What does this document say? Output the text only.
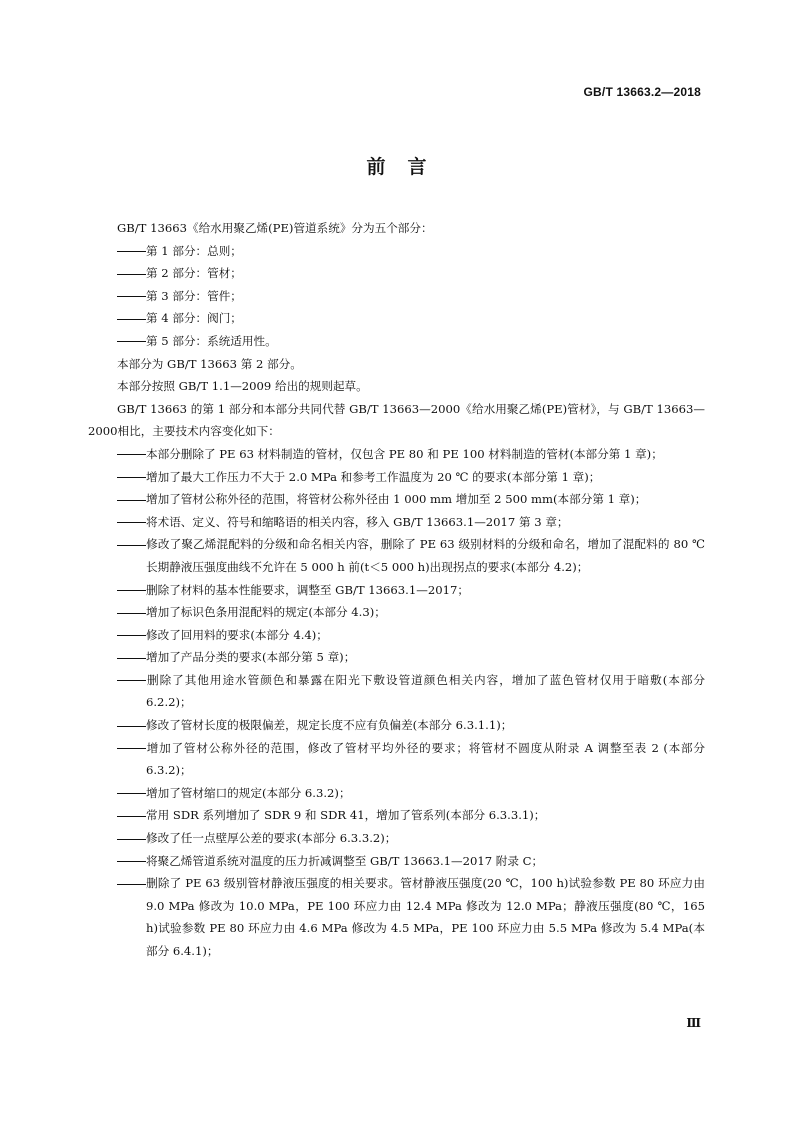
GB/T 13663.2—2018
前言

GB/T 13663《给水用聚乙烯(PE)管道系统》分为五个部分：

第 1 部分：总则；

第 2 部分：管材；

第 3 部分：管件；

第 4 部分：阀门；

第 5 部分：系统适用性。

本部分为 GB/T 13663 第 2 部分。

本部分按照 GB/T 1.1—2009 给出的规则起草。

GB/T 13663 的第 1 部分和本部分共同代替 GB/T 13663—2000《给水用聚乙烯(PE)管材》，与 GB/T 13663—2000相比，主要技术内容变化如下：

本部分删除了 PE 63 材料制造的管材，仅包含 PE 80 和 PE 100 材料制造的管材(本部分第 1 章)；

增加了最大工作压力不大于 2.0 MPa 和参考工作温度为 20 ℃ 的要求(本部分第 1 章)；

增加了管材公称外径的范围，将管材公称外径由 1 000 mm 增加至 2 500 mm(本部分第 1 章)；

将术语、定义、符号和缩略语的相关内容，移入 GB/T 13663.1—2017 第 3 章；

修改了聚乙烯混配料的分级和命名相关内容，删除了 PE 63 级别材料的分级和命名，增加了混配料的 80 ℃长期静液压强度曲线不允许在 5 000 h 前(t＜5 000 h)出现拐点的要求(本部分 4.2)；

删除了材料的基本性能要求，调整至 GB/T 13663.1—2017；

增加了标识色条用混配料的规定(本部分 4.3)；

修改了回用料的要求(本部分 4.4)；

增加了产品分类的要求(本部分第 5 章)；

删除了其他用途水管颜色和暴露在阳光下敷设管道颜色相关内容，增加了蓝色管材仅用于暗敷(本部分 6.2.2)；

修改了管材长度的极限偏差，规定长度不应有负偏差(本部分 6.3.1.1)；

增加了管材公称外径的范围，修改了管材平均外径的要求；将管材不圆度从附录 A 调整至表 2 (本部分 6.3.2)；

增加了管材缩口的规定(本部分 6.3.2)；

常用 SDR 系列增加了 SDR 9 和 SDR 41，增加了管系列(本部分 6.3.3.1)；

修改了任一点壁厚公差的要求(本部分 6.3.3.2)；

将聚乙烯管道系统对温度的压力折减调整至 GB/T 13663.1—2017 附录 C；

删除了 PE 63 级别管材静液压强度的相关要求。管材静液压强度(20 ℃，100 h)试验参数 PE 80 环应力由 9.0 MPa 修改为 10.0 MPa，PE 100 环应力由 12.4 MPa 修改为 12.0 MPa；静液压强度(80 ℃，165 h)试验参数 PE 80 环应力由 4.6 MPa 修改为 4.5 MPa，PE 100 环应力由 5.5 MPa 修改为 5.4 MPa(本部分 6.4.1)；

Ⅲ
